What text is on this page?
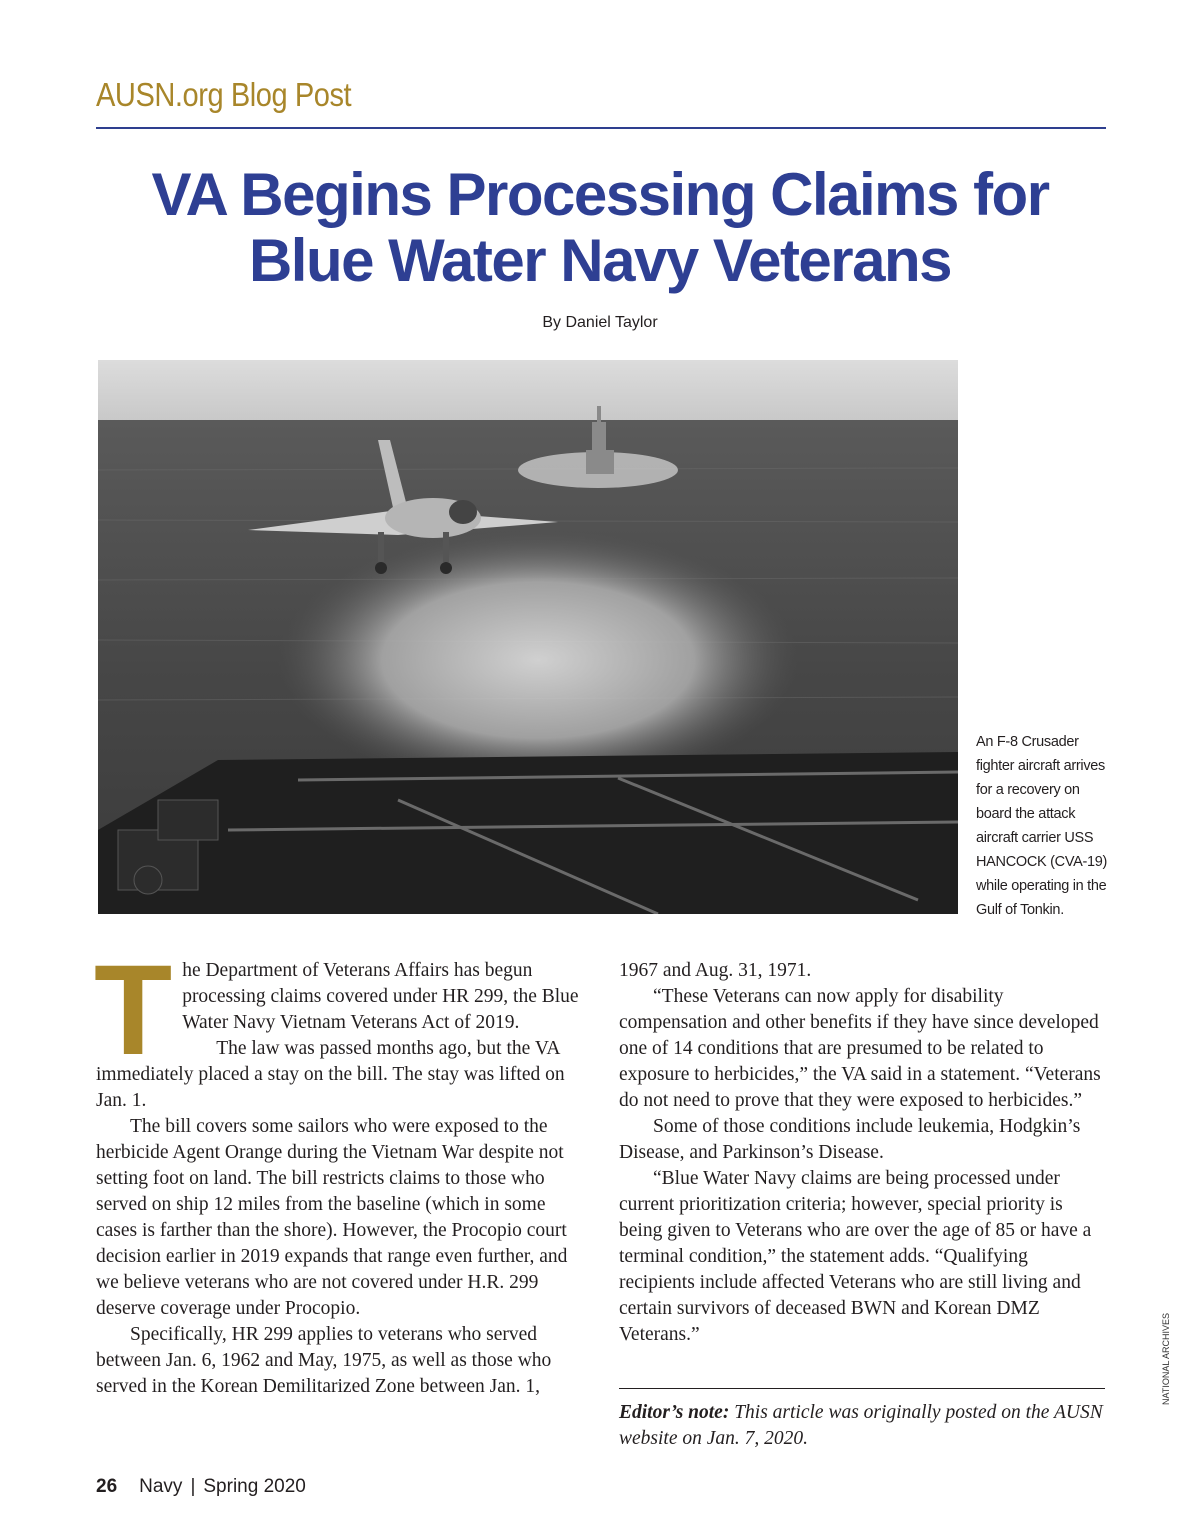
AUSN.org Blog Post
VA Begins Processing Claims for
Blue Water Navy Veterans
By Daniel Taylor
An F-8 Crusader fighter aircraft arrives for a recovery on board the attack aircraft carrier USS HANCOCK (CVA-19) while operating in the Gulf of Tonkin.
T he Department of Veterans Affairs has begun processing claims covered under HR 299, the Blue Water Navy Vietnam Veterans Act of 2019.

The law was passed months ago, but the VA immediately placed a stay on the bill. The stay was lifted on Jan. 1.

The bill covers some sailors who were exposed to the herbicide Agent Orange during the Vietnam War despite not setting foot on land. The bill restricts claims to those who served on ship 12 miles from the baseline (which in some cases is farther than the shore). However, the Procopio court decision earlier in 2019 expands that range even further, and we believe veterans who are not covered under H.R. 299 deserve coverage under Procopio.

Specifically, HR 299 applies to veterans who served between Jan. 6, 1962 and May, 1975, as well as those who served in the Korean Demilitarized Zone between Jan. 1,

1967 and Aug. 31, 1971.

“These Veterans can now apply for disability compensation and other benefits if they have since developed one of 14 conditions that are presumed to be related to exposure to herbicides,” the VA said in a statement. “Veterans do not need to prove that they were exposed to herbicides.”

Some of those conditions include leukemia, Hodgkin’s Disease, and Parkinson’s Disease.

“Blue Water Navy claims are being processed under current prioritization criteria; however, special priority is being given to Veterans who are over the age of 85 or have a terminal condition,” the statement adds. “Qualifying recipients include affected Veterans who are still living and certain survivors of deceased BWN and Korean DMZ Veterans.”

Editor’s note: This article was originally posted on the AUSN website on Jan. 7, 2020.

NATIONAL ARCHIVES
26 Navy | Spring 2020
